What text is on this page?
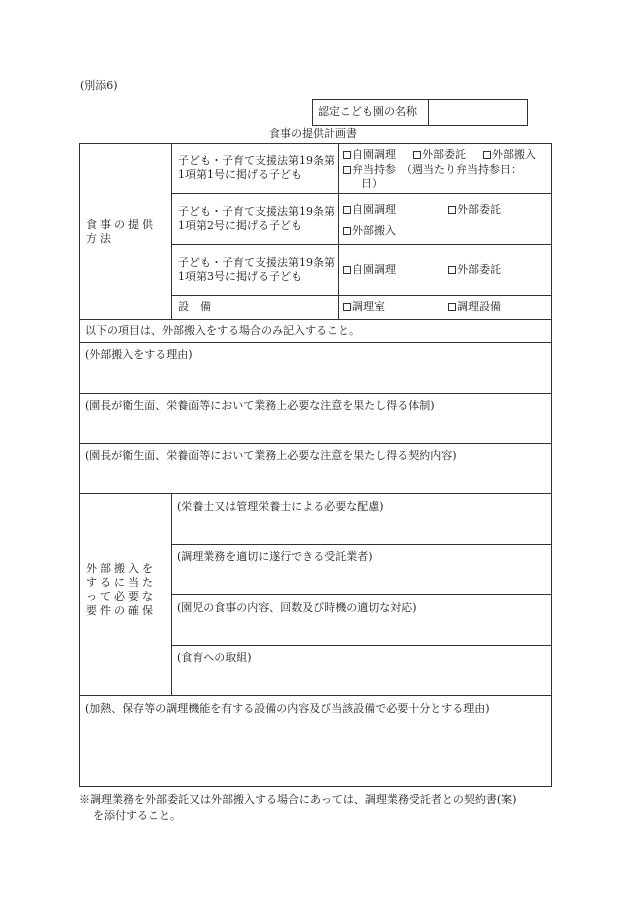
(別添6)
認定こども園の名称
食事の提供計画書
食事の提供方法
子ども・子育て支援法第19条第1項第1号に掲げる子ども
自園調理	外部委託	外部搬入
弁当持参 （週当たり弁当持参日：
日）
子ども・子育て支援法第19条第1項第2号に掲げる子ども
自園調理	外部委託
外部搬入
子ども・子育て支援法第19条第1項第3号に掲げる子ども
自園調理	外部委託
設　備	調理室	調理設備
以下の項目は、外部搬入をする場合のみ記入すること。
(外部搬入をする理由)
(園長が衛生面、栄養面等において業務上必要な注意を果たし得る体制)
(園長が衛生面、栄養面等において業務上必要な注意を果たし得る契約内容)
外部搬入をするに当たって必要な要件の確保
(栄養士又は管理栄養士による必要な配慮)
(調理業務を適切に遂行できる受託業者)
(園児の食事の内容、回数及び時機の適切な対応)
(食育への取組)
(加熱、保存等の調理機能を有する設備の内容及び当該設備で必要十分とする理由)
※調理業務を外部委託又は外部搬入する場合にあっては、調理業務受託者との契約書(案)
を添付すること。
